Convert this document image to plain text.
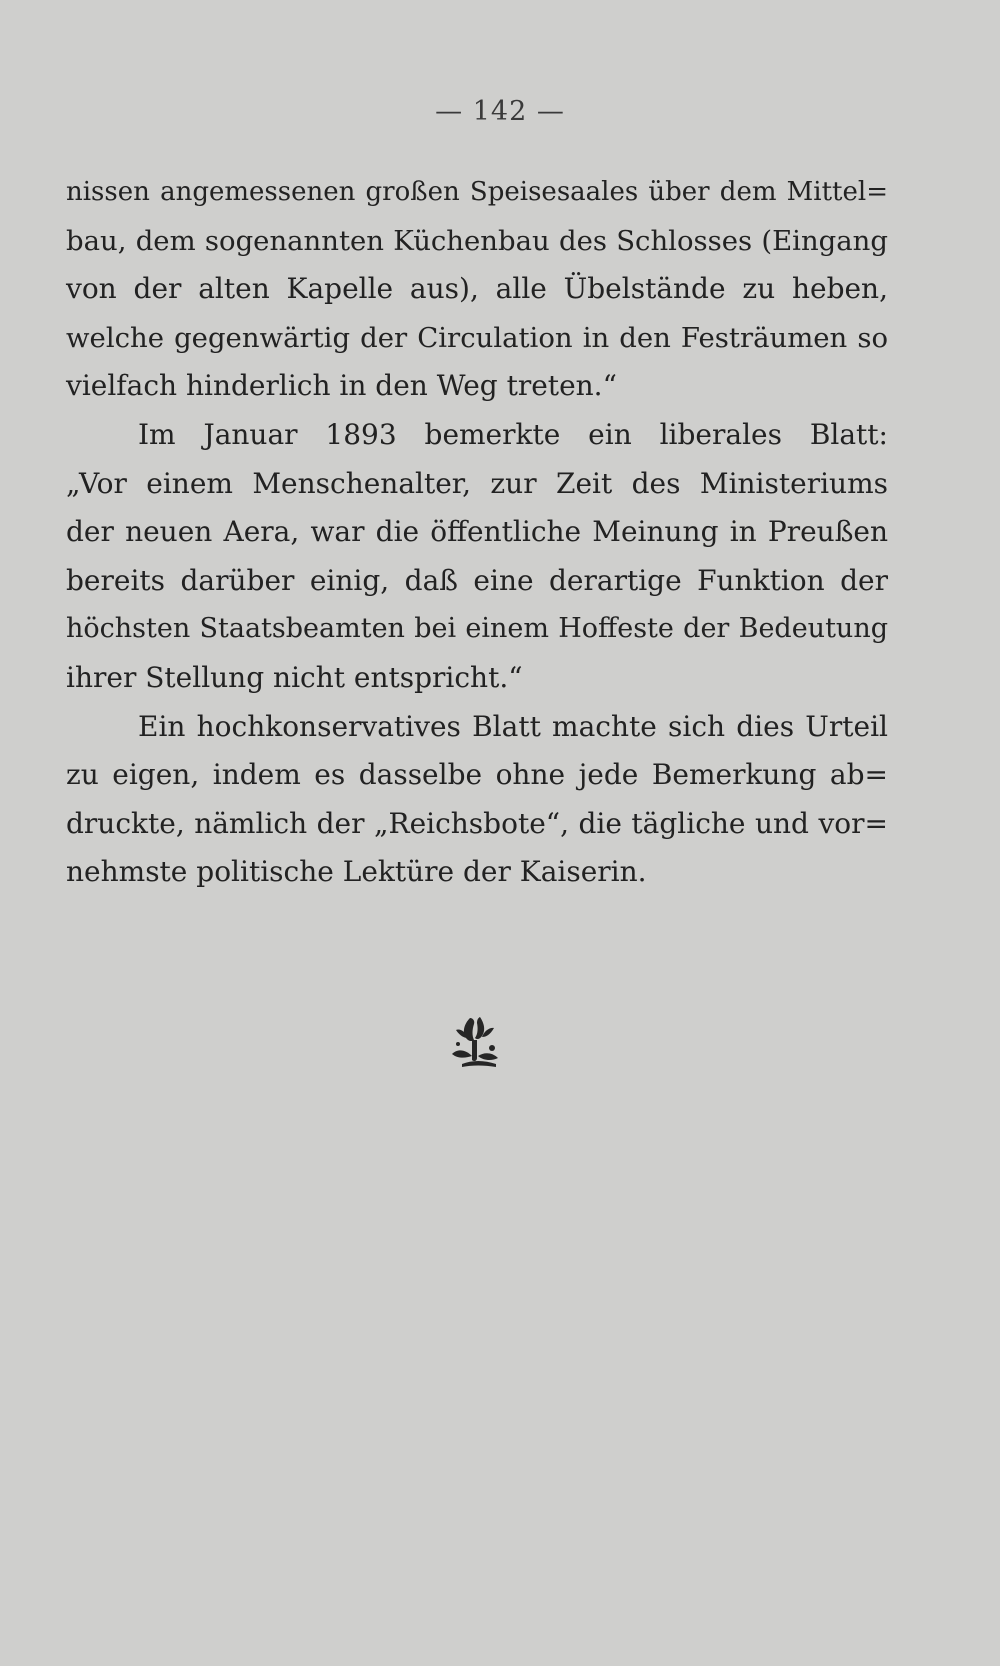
— 142 —
nissen angemessenen großen Speisesaales über dem Mittel=
bau, dem sogenannten Küchenbau des Schlosses (Eingang
von der alten Kapelle aus), alle Übelstände zu heben,
welche gegenwärtig der Circulation in den Festräumen so
vielfach hinderlich in den Weg treten.“
Im Januar 1893 bemerkte ein liberales Blatt:
„Vor einem Menschenalter, zur Zeit des Ministeriums
der neuen Aera, war die öffentliche Meinung in Preußen
bereits darüber einig, daß eine derartige Funktion der
höchsten Staatsbeamten bei einem Hoffeste der Bedeutung
ihrer Stellung nicht entspricht.“
Ein hochkonservatives Blatt machte sich dies Urteil
zu eigen, indem es dasselbe ohne jede Bemerkung ab=
druckte, nämlich der „Reichsbote“, die tägliche und vor=
nehmste politische Lektüre der Kaiserin.
